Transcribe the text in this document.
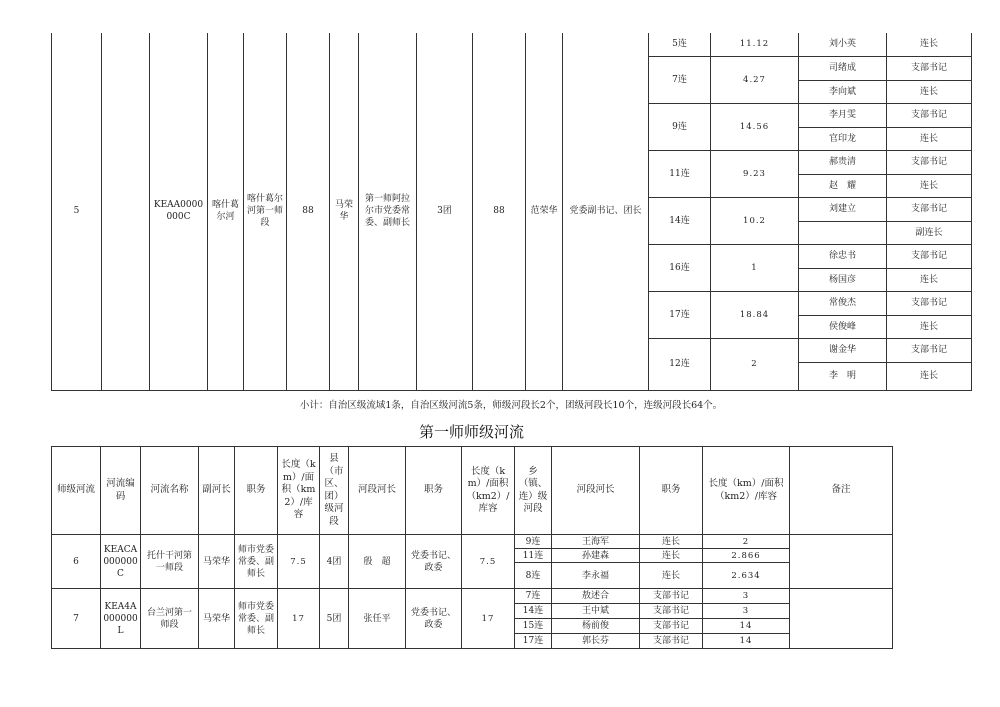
5		KEAA0000000C	喀什葛尔河	喀什葛尔河第一师段	88	马荣华	第一师阿拉尔市党委常委、副师长	3团	88	范荣华	党委副书记、团长	5连	11.12	刘小英	连长
												7连	4.27	司绪成	支部书记
														李向斌	连长
												9连	14.56	李月雯	支部书记
														官印龙	连长
												11连	9.23	郝贵清	支部书记
														赵　耀	连长
												14连	10.2	刘建立	支部书记
															副连长
												16连	1	徐忠书	支部书记
														杨国彦	连长
												17连	18.84	常俊杰	支部书记
														侯俊峰	连长
												12连	2	谢金华	支部书记
														李　明	连长
小计：自治区级流域1条，自治区级河流5条，师级河段长2个，团级河段长10个，连级河段长64个。
第一师师级河流
师级河流	河流编码	河流名称	副河长	职务	长度（km）/面积（km2）/库容	县（市区、团）级河段	河段河长	职务	长度（km）/面积（km2）/库容	乡（镇、连）级河段	河段河长	职务	长度（km）/面积（km2）/库容	备注
6	KEACA000000C	托什干河第一师段	马荣华	师市党委常委、副师长	7.5	4团	殷　超	党委书记、政委	7.5	9连	王海军	连长	2	
										11连	孙建森	连长	2.866	
										8连	李永福	连长	2.634	
7	KEA4A000000L	台兰河第一师段	马荣华	师市党委常委、副师长	17	5团	张任平	党委书记、政委	17	7连	敖述合	支部书记	3	
										14连	王中斌	支部书记	3	
										15连	杨前俊	支部书记	14	
										17连	郭长芬	支部书记	14	
